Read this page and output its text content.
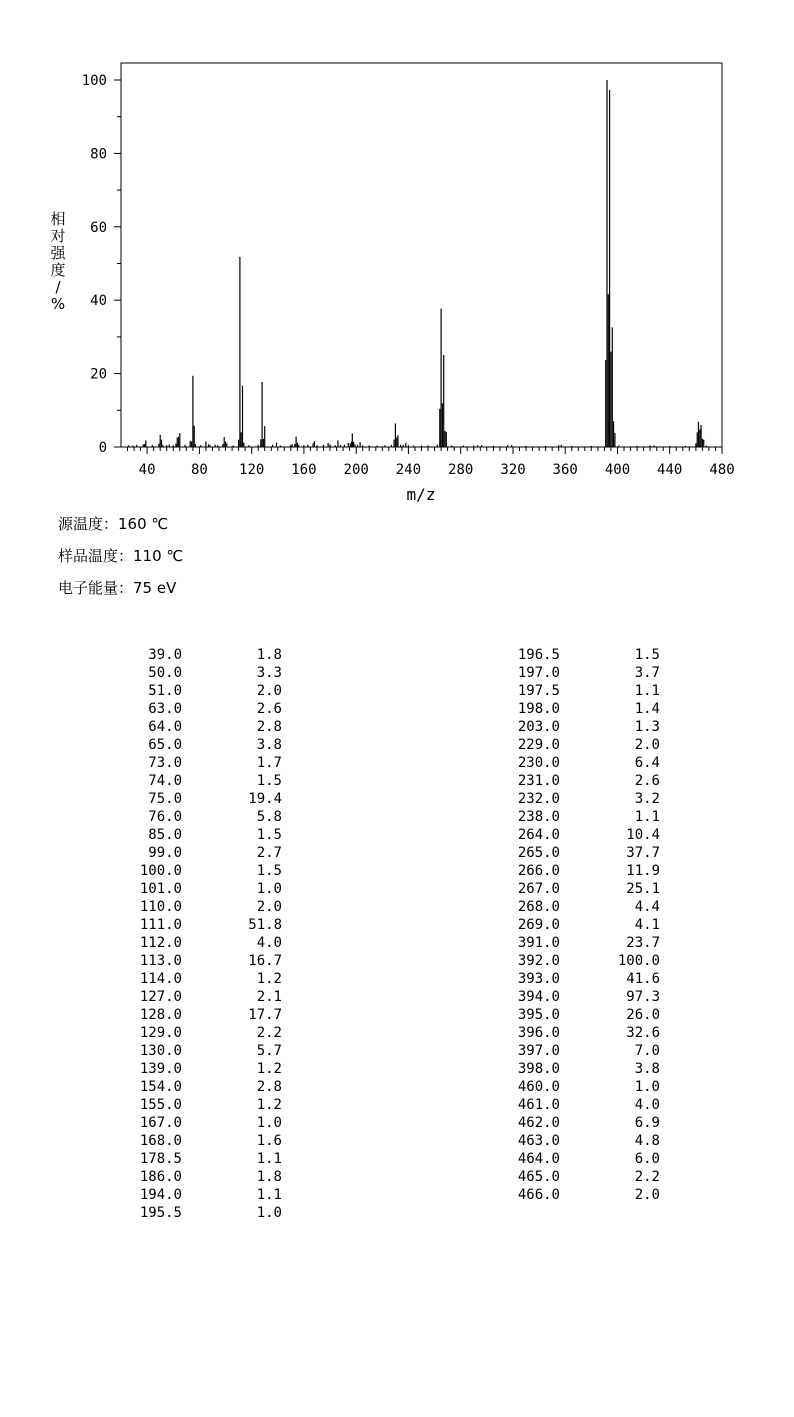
40	80 120 160 200 240 280 320 360 400 440 480
0
20
40
60
80
100
m/z
相对强度/ %
源温度：160 ℃
样品温度：110 ℃
电子能量：75 eV
39.0	1.8
50.0	3.3
51.0	2.0
63.0	2.6
64.0	2.8
65.0	3.8
73.0	1.7
74.0	1.5
75.0	19.4
76.0	5.8
85.0	1.5
99.0	2.7
100.0	1.5
101.0	1.0
110.0	2.0
111.0	51.8
112.0	4.0
113.0	16.7
114.0	1.2
127.0	2.1
128.0	17.7
129.0	2.2
130.0	5.7
139.0	1.2
154.0	2.8
155.0	1.2
167.0	1.0
168.0	1.6
178.5	1.1
186.0	1.8
194.0	1.1
195.5	1.0
196.5	1.5
197.0	3.7
197.5	1.1
198.0	1.4
203.0	1.3
229.0	2.0
230.0	6.4
231.0	2.6
232.0	3.2
238.0	1.1
264.0	10.4
265.0	37.7
266.0	11.9
267.0	25.1
268.0	4.4
269.0	4.1
391.0	23.7
392.0	100.0
393.0	41.6
394.0	97.3
395.0	26.0
396.0	32.6
397.0	7.0
398.0	3.8
460.0	1.0
461.0	4.0
462.0	6.9
463.0	4.8
464.0	6.0
465.0	2.2
466.0	2.0
